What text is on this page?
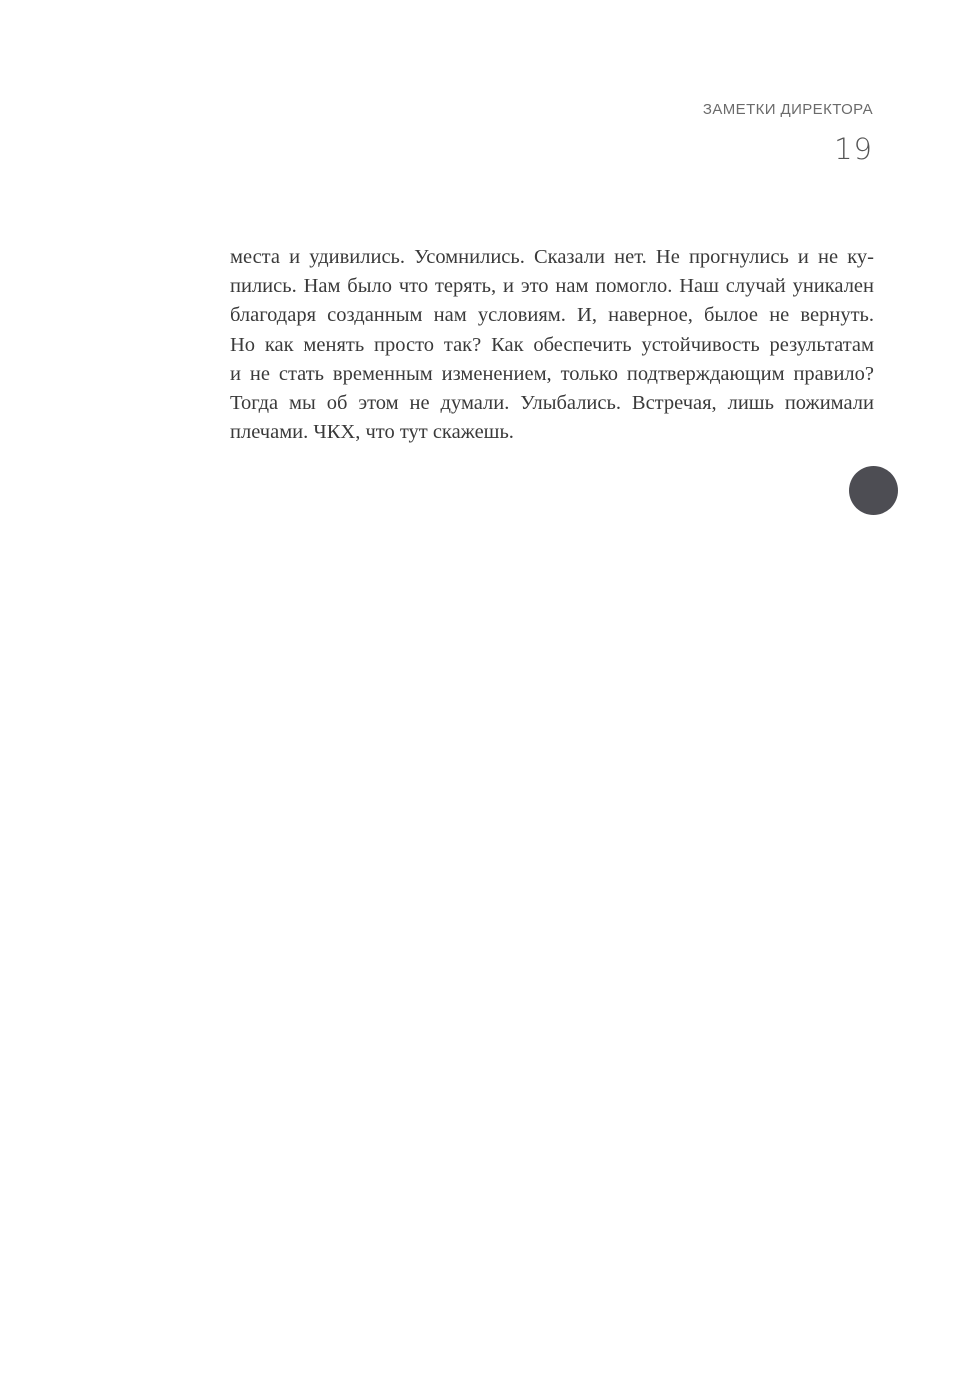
ЗАМЕТКИ ДИРЕКТОРА
19
места и удивились. Усомнились. Сказали нет. Не прогнулись и не ку-
пились. Нам было что терять, и это нам помогло. Наш случай уникален
благодаря созданным нам условиям. И, наверное, былое не вернуть.
Но как менять просто так? Как обеспечить устойчивость результатам
и не стать временным изменением, только подтверждающим правило?
Тогда мы об этом не думали. Улыбались. Встречая, лишь пожимали
плечами. ЧКХ, что тут скажешь.
